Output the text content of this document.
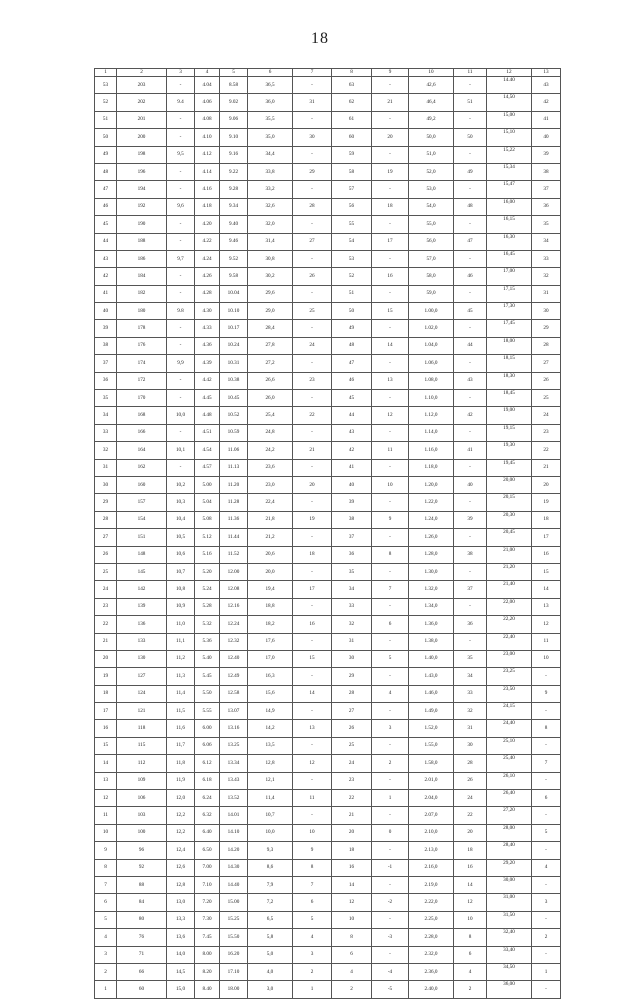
18
1	2	3	4	5	6	7	8	9	10	11	12	13
53	203	-	4.04	8.58	36,5	-	63	-	42,6	-	14.40	43
52	202	9.4	4.06	9.02	36,0	31	62	21	46,4	51	14,50	42
51	201	-	4.08	9.06	35,5	-	61	-	49,2	-	15,00	41
50	200	-	4.10	9.10	35,0	30	60	20	50,0	50	15,10	40
49	198	9,5	4.12	9.16	34,4	-	59	-	51,0	-	15,22	39
48	196	-	4.14	9.22	33,8	29	58	19	52,0	49	15,34	38
47	194	-	4.16	9.28	33,2	-	57	-	53,0	-	15,47	37
46	192	9,6	4.18	9.34	32,6	28	56	18	54,0	48	16,00	36
45	190	-	4.20	9.40	32,0	-	55	-	55,0	-	16,15	35
44	188	-	4.22	9.46	31,4	27	54	17	56,0	47	16,30	34
43	186	9,7	4.24	9.52	30,8	-	53	-	57,0	-	16,45	33
42	184	-	4.26	9.58	30,2	26	52	16	58,0	46	17,00	32
41	182	-	4.28	10.04	29,6	-	51	-	59,0	-	17,15	31
40	180	9.8	4.30	10.10	29,0	25	50	15	1.00,0	45	17,30	30
39	178	-	4.33	10.17	28,4	-	49	-	1.02,0	-	17,45	29
38	176	-	4.36	10.24	27,8	24	48	14	1.04,0	44	18,00	28
37	174	9,9	4.39	10.31	27,2	-	47	-	1.06,0	-	18,15	27
36	172	-	4.42	10.38	26,6	23	46	13	1.08,0	43	18,30	26
35	170	-	4.45	10.45	26,0	-	45	-	1.10,0	-	18,45	25
34	168	10,0	4.48	10.52	25,4	22	44	12	1.12,0	42	19,00	24
33	166	-	4.51	10.59	24,8	-	43	-	1.14,0	-	19,15	23
32	164	10,1	4.54	11.06	24,2	21	42	11	1.16,0	41	19,30	22
31	162	-	4.57	11.13	23,6	-	41	-	1.18,0	-	19,45	21
30	160	10,2	5.00	11.20	23,0	20	40	10	1.20,0	40	20,00	20
29	157	10,3	5.04	11.28	22,4	-	39	-	1.22,0	-	20,15	19
28	154	10,4	5.08	11.36	21,8	19	38	9	1.24,0	39	20,30	18
27	151	10,5	5.12	11.44	21,2	-	37	-	1.26,0	-	20,45	17
26	148	10,6	5.16	11.52	20,6	18	36	8	1.28,0	38	21,00	16
25	145	10,7	5.20	12.00	20,0	-	35	-	1.30,0	-	21,20	15
24	142	10,8	5.24	12.08	19,4	17	34	7	1.32,0	37	21,40	14
23	139	10,9	5.28	12.16	18,8	-	33	-	1.34,0	-	22,00	13
22	136	11,0	5.32	12.24	18,2	16	32	6	1.36,0	36	22,20	12
21	133	11,1	5.36	12.32	17,6	-	31	-	1.38,0	-	22,40	11
20	130	11,2	5.40	12.40	17,0	15	30	5	1.40,0	35	23,00	10
19	127	11,3	5.45	12.49	16,3	-	29	-	1.43,0	34	23,25	-
18	124	11,4	5.50	12.58	15,6	14	28	4	1.46,0	33	23,50	9
17	121	11,5	5.55	13.07	14,9	-	27	-	1.49,0	32	24,15	-
16	118	11,6	6.00	13.16	14,2	13	26	3	1.52,0	31	24,40	8
15	115	11,7	6.06	13.25	13,5	-	25	-	1.55,0	30	25,10	-
14	112	11,8	6.12	13.34	12,8	12	24	2	1.58,0	28	25,40	7
13	109	11,9	6.18	13.43	12,1	-	23	-	2.01,0	26	26,10	-
12	106	12,0	6.24	13.52	11,4	11	22	1	2.04,0	24	26,40	6
11	103	12,2	6.32	14.01	10,7	-	21	-	2.07,0	22	27,20	-
10	100	12,2	6.40	14.10	10,0	10	20	0	2.10,0	20	28,00	5
9	96	12,4	6.50	14.20	9,3	9	18	-	2.13,0	18	28,40	-
8	92	12,6	7.00	14.30	8,6	8	16	-1	2.16,0	16	29,20	4
7	88	12,8	7.10	14.40	7,9	7	14	-	2.19,0	14	30,00	-
6	84	13,0	7.20	15.00	7,2	6	12	-2	2.22,0	12	31,00	3
5	80	13,3	7.30	15.25	6,5	5	10	-	2.25,0	10	31,50	-
4	76	13,6	7.45	15.50	5,8	4	8	-3	2.28,0	8	32,40	2
3	71	14,0	8.00	16.20	5,0	3	6	-	2.32,0	6	33,40	-
2	66	14,5	8.20	17.10	4,0	2	4	-4	2.36,0	4	34,50	1
1	60	15,0	8.40	18.00	3,0	1	2	-5	2.40,0	2	36,00	-
